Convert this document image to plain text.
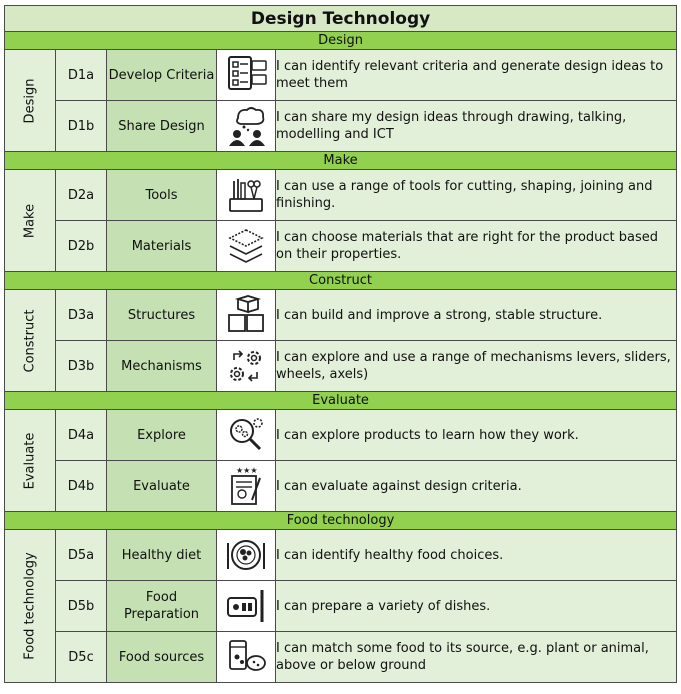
Design Technology				
Design				

Design	D1a	Develop Criteria		I can identify relevant criteria and generate design ideas to meet them
	D1b	Share Design		I can share my design ideas through drawing, talking, modelling and ICT
Make				

Make	D2a	Tools		I can use a range of tools for cutting, shaping, joining and finishing.
	D2b	Materials		I can choose materials that are right for the product based on their properties.
Construct				

Construct	D3a	Structures		I can build and improve a strong, stable structure.
	D3b	Mechanisms		I can explore and use a range of mechanisms levers, sliders, wheels, axels)
Evaluate				

Evaluate	D4a	Explore		I can explore products to learn how they work.
	D4b	Evaluate	★★★	I can evaluate against design criteria.
Food technology				

Food technology	D5a	Healthy diet		I can identify healthy food choices.
	D5b	Food Preparation		I can prepare a variety of dishes.
	D5c	Food sources		I can match some food to its source, e.g. plant or animal, above or below ground
